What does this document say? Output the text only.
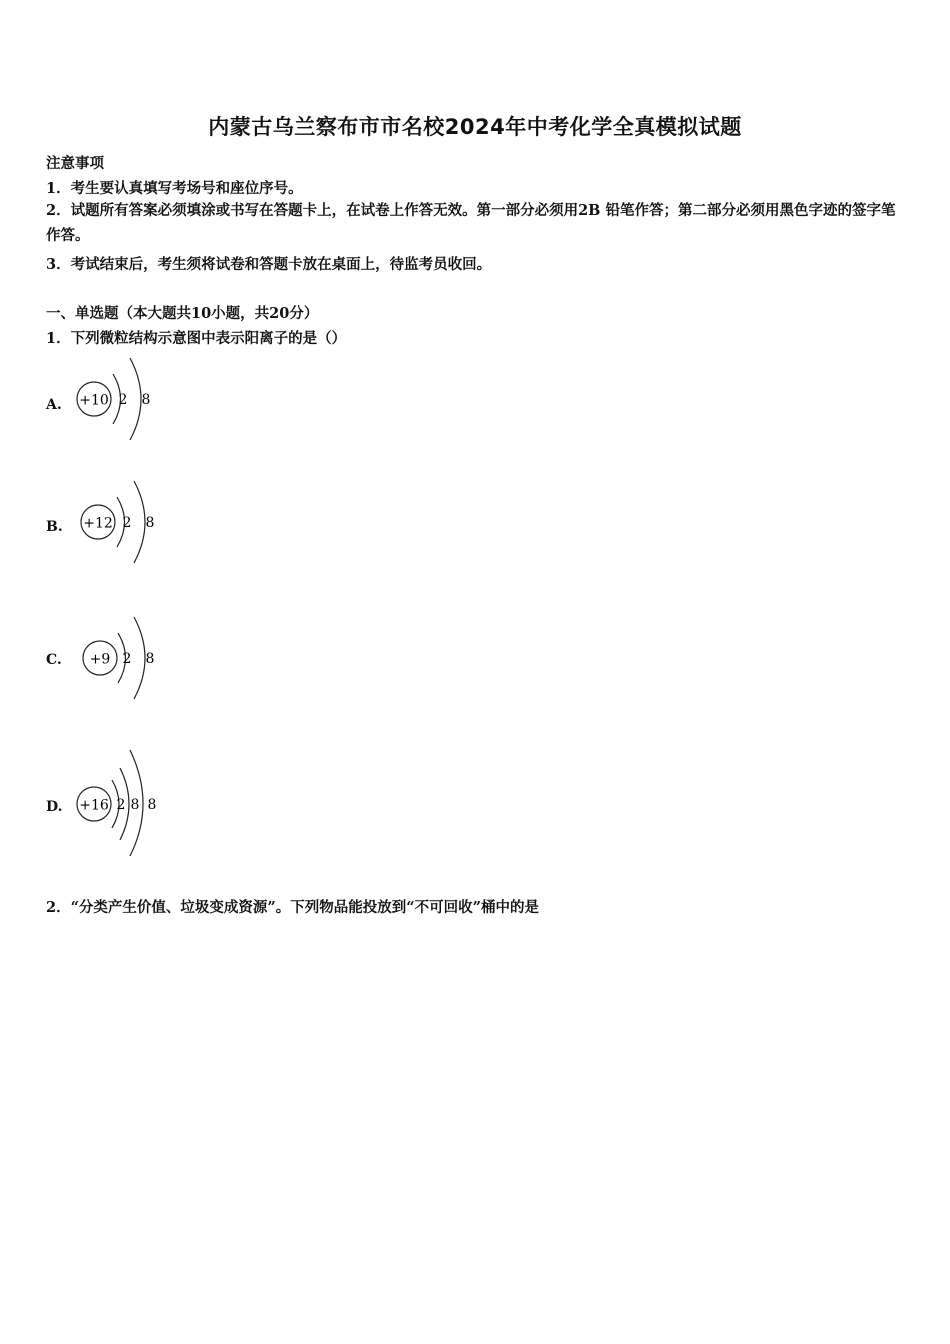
内蒙古乌兰察布市市名校2024年中考化学全真模拟试题
注意事项
1．考生要认真填写考场号和座位序号。
2．试题所有答案必须填涂或书写在答题卡上，在试卷上作答无效。第一部分必须用2B 铅笔作答；第二部分必须用黑色字迹的签字笔作答。
3．考试结束后，考生须将试卷和答题卡放在桌面上，待监考员收回。
一、单选题（本大题共10小题，共20分）
1．下列微粒结构示意图中表示阳离子的是（）
A. +10 2 8
B. +12 2 8
C. +9 2 8
D. +16 2 8 8
2．“分类产生价值、垃圾变成资源”。下列物品能投放到“不可回收”桶中的是
